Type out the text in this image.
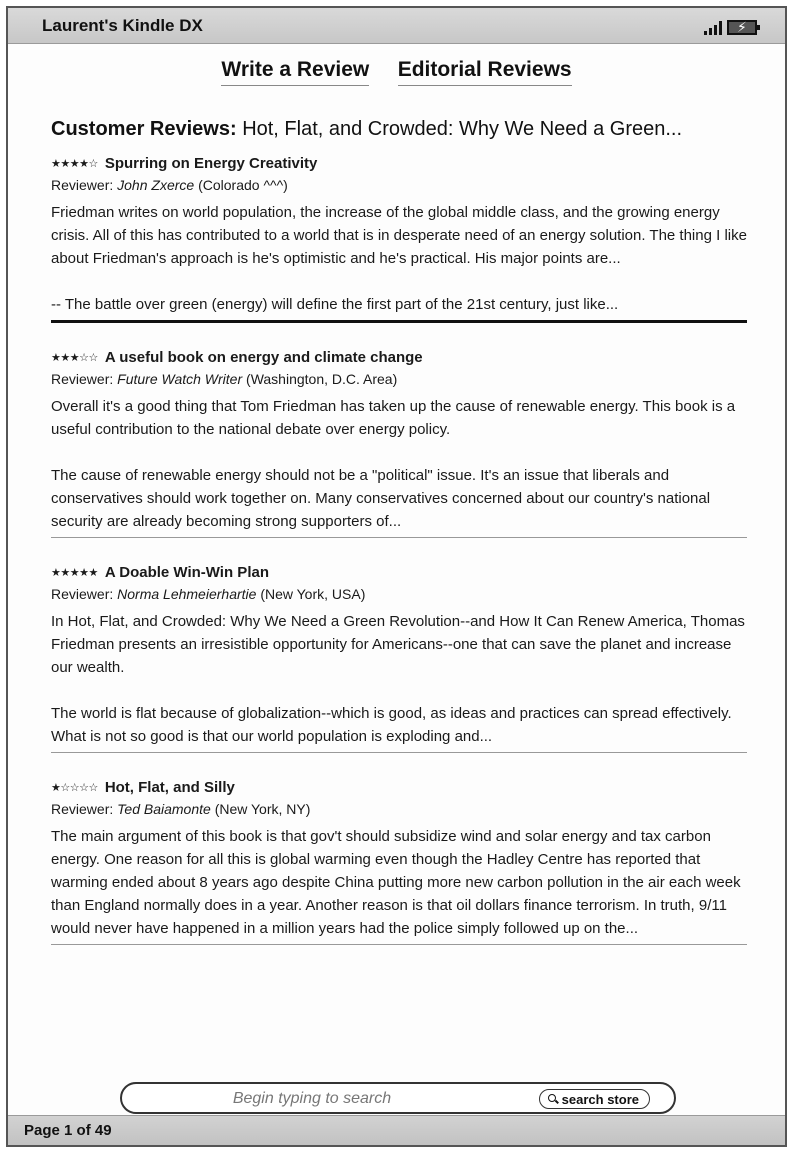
Laurent's Kindle DX	⚡
Write a Review Editorial Reviews
Customer Reviews: Hot, Flat, and Crowded: Why We Need a Green...
★★★★☆ Spurring on Energy Creativity
Reviewer: John Zxerce (Colorado ^^^)

Friedman writes on world population, the increase of the global middle class, and the growing energy crisis. All of this has contributed to a world that is in desperate need of an energy solution. The thing I like about Friedman's approach is he's optimistic and he's practical. His major points are...

-- The battle over green (energy) will define the first part of the 21st century, just like...

★★★☆☆ A useful book on energy and climate change
Reviewer: Future Watch Writer (Washington, D.C. Area)

Overall it's a good thing that Tom Friedman has taken up the cause of renewable energy. This book is a useful contribution to the national debate over energy policy.

The cause of renewable energy should not be a "political" issue. It's an issue that liberals and conservatives should work together on. Many conservatives concerned about our country's national security are already becoming strong supporters of...

★★★★★ A Doable Win-Win Plan
Reviewer: Norma Lehmeierhartie (New York, USA)

In Hot, Flat, and Crowded: Why We Need a Green Revolution--and How It Can Renew America, Thomas Friedman presents an irresistible opportunity for Americans--one that can save the planet and increase our wealth.

The world is flat because of globalization--which is good, as ideas and practices can spread effectively. What is not so good is that our world population is exploding and...

★☆☆☆☆ Hot, Flat, and Silly
Reviewer: Ted Baiamonte (New York, NY)

The main argument of this book is that gov't should subsidize wind and solar energy and tax carbon energy. One reason for all this is global warming even though the Hadley Centre has reported that warming ended about 8 years ago despite China putting more new carbon pollution in the air each week than England normally does in a year. Another reason is that oil dollars finance terrorism. In truth, 9/11 would never have happened in a million years had the police simply followed up on the...

Begin typing to search
search store
Page 1 of 49
